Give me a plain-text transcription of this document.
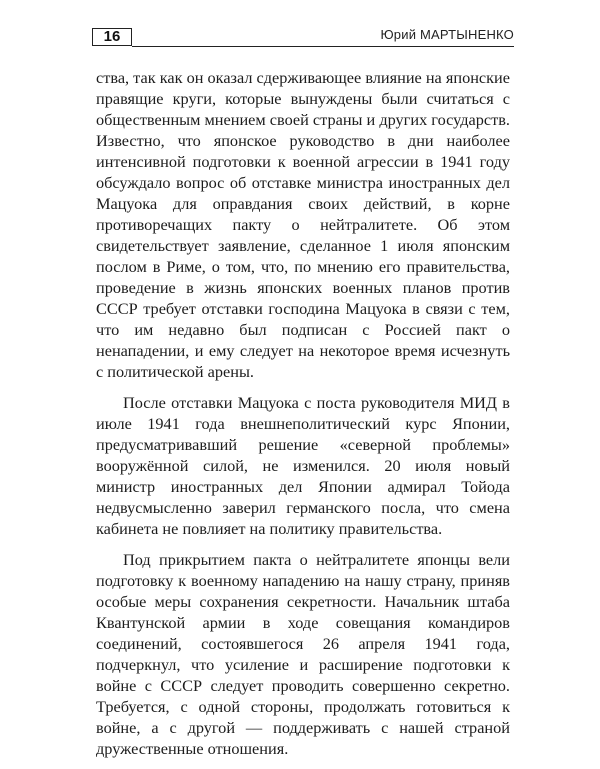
16	Юрий МАРТЫНЕНКО

ства, так как он оказал сдерживающее влияние на японские правящие круги, которые вынуждены были считаться с общественным мнением своей страны и других государств. Известно, что японское руководство в дни наиболее интенсивной подготовки к военной агрессии в 1941 году обсуждало вопрос об отставке министра иностранных дел Мацуока для оправдания своих действий, в корне противоречащих пакту о нейтралитете. Об этом свидетельствует заявление, сделанное 1 июля японским послом в Риме, о том, что, по мнению его правительства, проведение в жизнь японских военных планов против СССР требует отставки господина Мацуока в связи с тем, что им недавно был подписан с Россией пакт о ненападении, и ему следует на некоторое время исчезнуть с политической арены.

После отставки Мацуока с поста руководителя МИД в июле 1941 года внешнеполитический курс Японии, предусматривавший решение «северной проблемы» вооружённой силой, не изменился. 20 июля новый министр иностранных дел Японии адмирал Тойода недвусмысленно заверил германского посла, что смена кабинета не повлияет на политику правительства.

Под прикрытием пакта о нейтралитете японцы вели подготовку к военному нападению на нашу страну, приняв особые меры сохранения секретности. Начальник штаба Квантунской армии в ходе совещания командиров соединений, состоявшегося 26 апреля 1941 года, подчеркнул, что усиление и расширение подготовки к войне с СССР следует проводить совершенно секретно. Требуется, с одной стороны, продолжать готовиться к войне, а с другой — поддерживать с нашей страной дружественные отношения.
